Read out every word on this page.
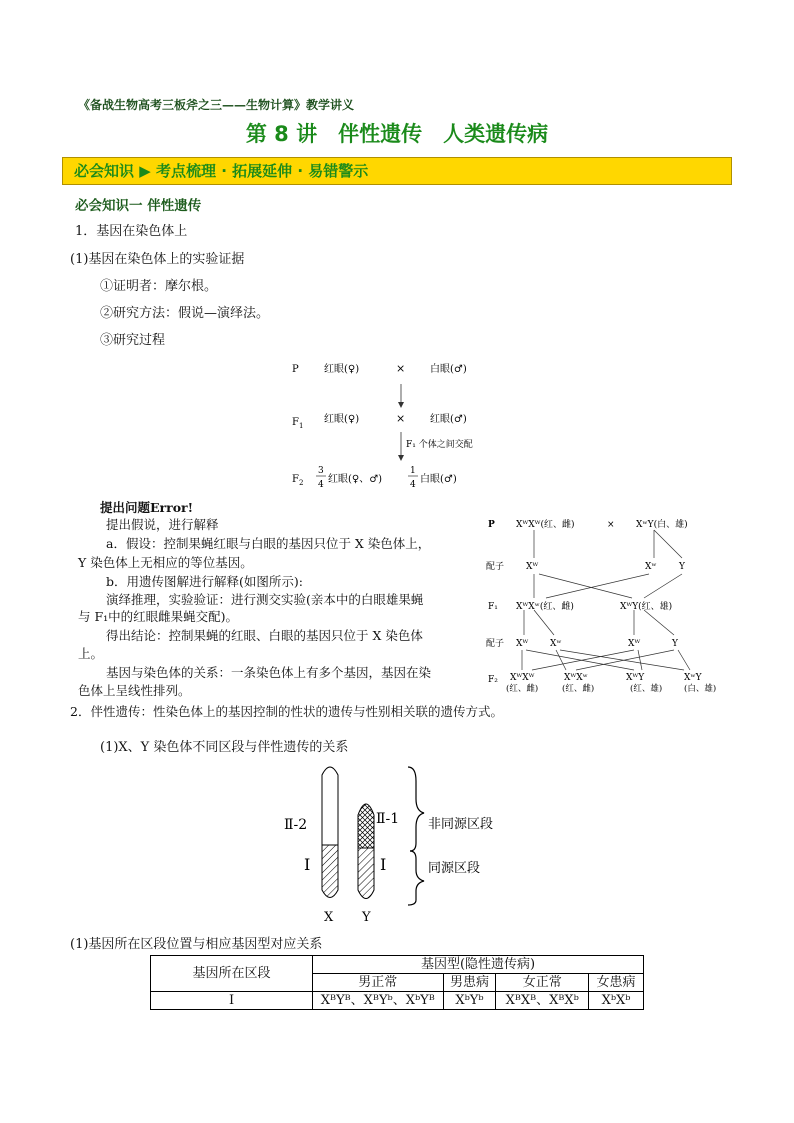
《备战生物高考三板斧之三——生物计算》教学讲义
第 8 讲　伴性遗传　人类遗传病
必会知识 ▶ 考点梳理 · 拓展延伸 · 易错警示
必会知识一 伴性遗传
1．基因在染色体上
(1)基因在染色体上的实验证据
①证明者：摩尔根。
②研究方法：假说—演绎法。
③研究过程
P	红眼(♀)	× 白眼(♂)
F 1
红眼(♀)	× 红眼(♂)
F₁ 个体之间交配
F 2
3
4 红眼(♀、♂)
1
4 白眼(♂)
提出问题Error!
提出假说，进行解释
a．假设：控制果蝇红眼与白眼的基因只位于 X 染色体上，
Y 染色体上无相应的等位基因。
b．用遗传图解进行解释(如图所示):
演绎推理，实验验证：进行测交实验(亲本中的白眼雄果蝇
与 F₁中的红眼雌果蝇交配)。
得出结论：控制果蝇的红眼、白眼的基因只位于 X 染色体
上。
基因与染色体的关系：一条染色体上有多个基因，基因在染
色体上呈线性排列。
P XᵂXᵂ(红、雌)	× XʷY(白、雄)
配子 Xᵂ	Xʷ Y
F₁ XᵂXʷ(红、雌)	XᵂY(红、雄)
配子 Xᵂ Xʷ	Xᵂ	Y
F₂ XᵂXᵂ
(红、雌)
XᵂXʷ
(红、雌)
XᵂY
(红、雄)
XʷY
(白、雄)
2．伴性遗传：性染色体上的基因控制的性状的遗传与性别相关联的遗传方式。
(1)X、Y 染色体不同区段与伴性遗传的关系
Ⅱ-2	Ⅱ-1
Ⅰ	Ⅰ
X Y
非同源区段
同源区段
(1)基因所在区段位置与相应基因型对应关系
基因所在区段	基因型(隐性遗传病)			
	男正常	男患病	女正常	女患病
Ⅰ	XᴮYᴮ、XᴮYᵇ、XᵇYᴮ	XᵇYᵇ	XᴮXᴮ、XᴮXᵇ	XᵇXᵇ
